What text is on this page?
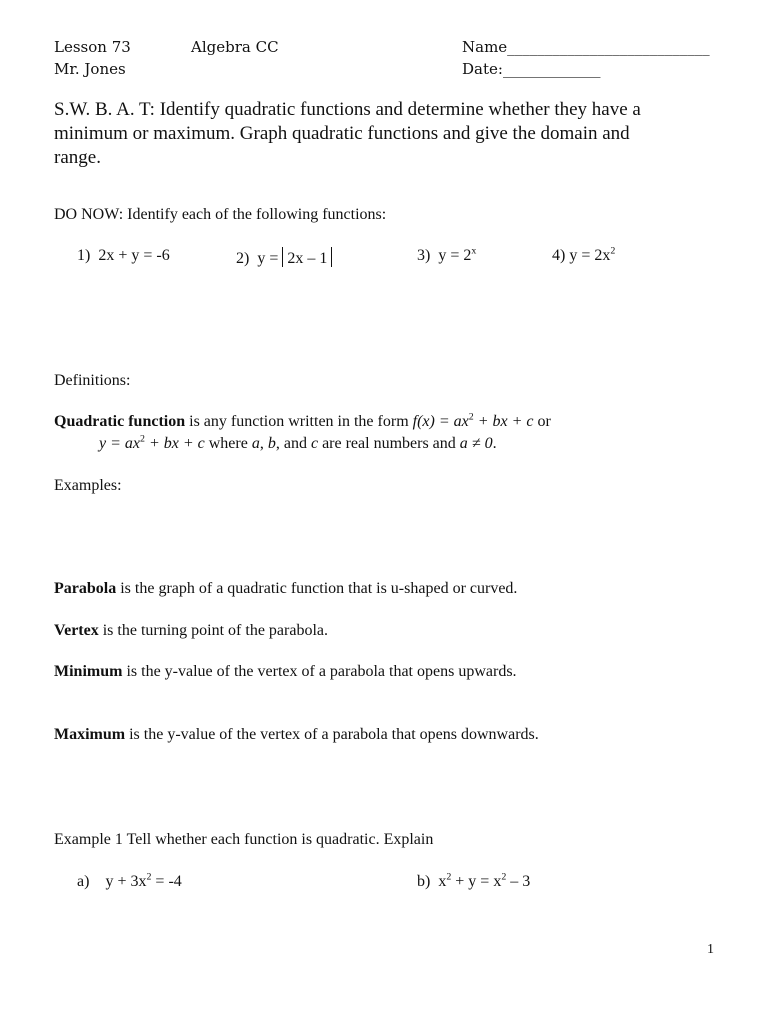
Lesson 73	Algebra CC	Name___________________________
Mr. Jones	Date:_____________
S.W. B. A. T: Identify quadratic functions and determine whether they have a
minimum or maximum. Graph quadratic functions and give the domain and
range.
DO NOW: Identify each of the following functions:
1) 2x + y = -6	2) y = 2x – 1	3) $y = 2^x$	4) $y = 2x^2$
Definitions:
Quadratic function is any function written in the form $f(x) = ax^2$ + bx + c or
$y = ax^2$ + bx + c where a, b, and c are real numbers and a ≠ 0.
Examples:
Parabola is the graph of a quadratic function that is u-shaped or curved.
Vertex is the turning point of the parabola.
Minimum is the y-value of the vertex of a parabola that opens upwards.
Maximum is the y-value of the vertex of a parabola that opens downwards.
Example 1 Tell whether each function is quadratic. Explain
a) $y + 3x^2 = -4$	b) $x^2 + y = x^2 - 3$
1
